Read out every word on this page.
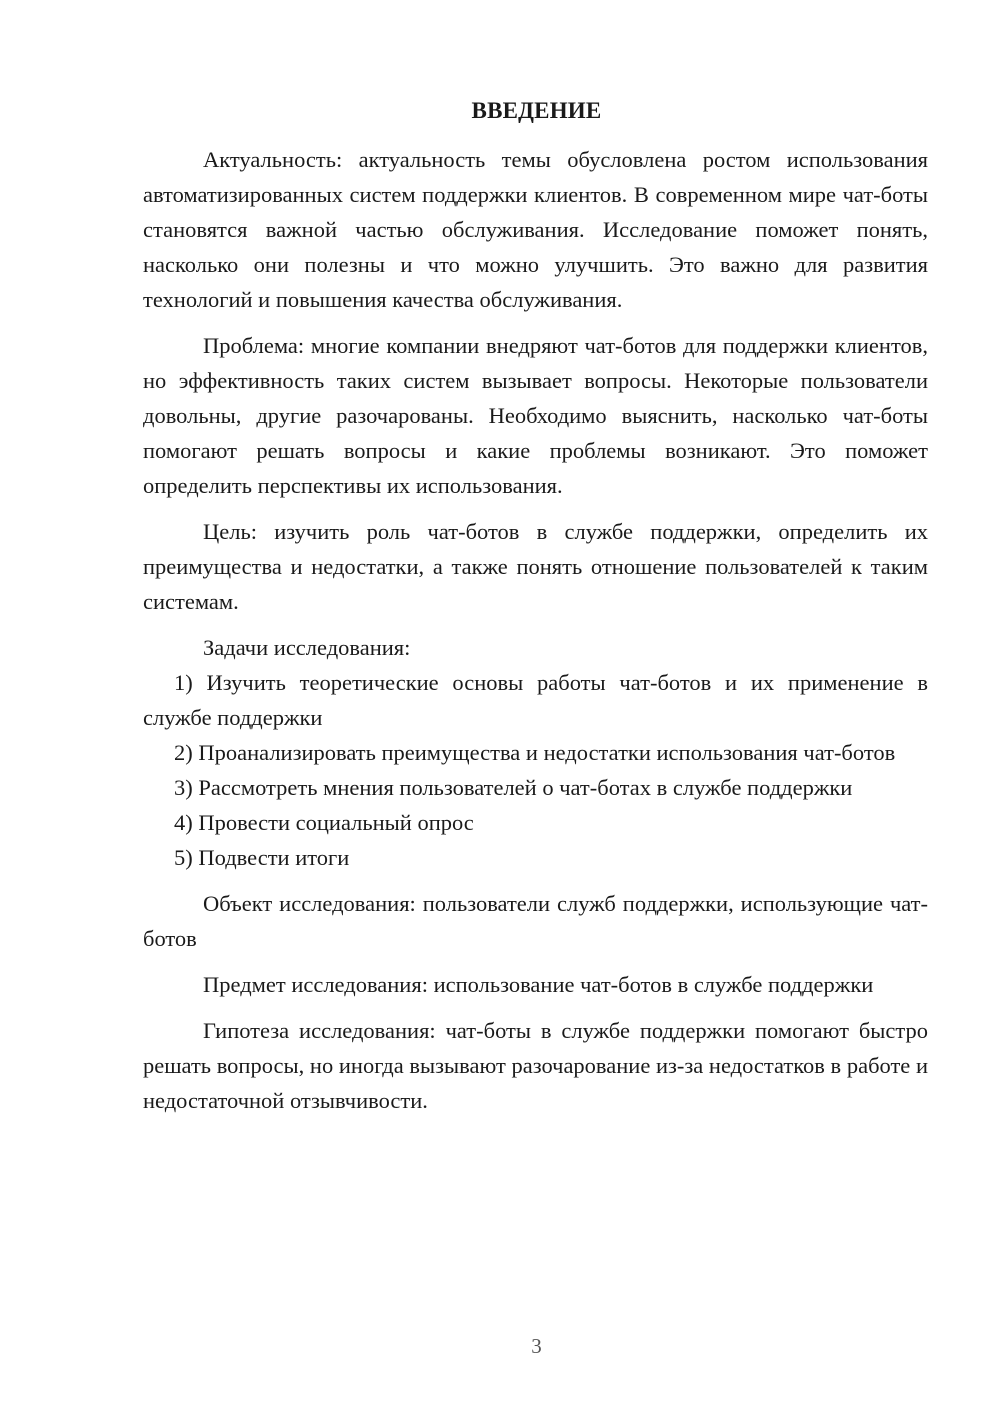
ВВЕДЕНИЕ

Актуальность: актуальность темы обусловлена ростом использования автоматизированных систем поддержки клиентов. В современном мире чат-боты становятся важной частью обслуживания. Исследование поможет понять, насколько они полезны и что можно улучшить. Это важно для развития технологий и повышения качества обслуживания.

Проблема: многие компании внедряют чат-ботов для поддержки клиентов, но эффективность таких систем вызывает вопросы. Некоторые пользователи довольны, другие разочарованы. Необходимо выяснить, насколько чат-боты помогают решать вопросы и какие проблемы возникают. Это поможет определить перспективы их использования.

Цель: изучить роль чат-ботов в службе поддержки, определить их преимущества и недостатки, а также понять отношение пользователей к таким системам.

Задачи исследования:

1) Изучить теоретические основы работы чат-ботов и их применение в службе поддержки

2) Проанализировать преимущества и недостатки использования чат-ботов

3) Рассмотреть мнения пользователей о чат-ботах в службе поддержки

4) Провести социальный опрос

5) Подвести итоги

Объект исследования: пользователи служб поддержки, использующие чат-ботов

Предмет исследования: использование чат-ботов в службе поддержки

Гипотеза исследования: чат-боты в службе поддержки помогают быстро решать вопросы, но иногда вызывают разочарование из-за недостатков в работе и недостаточной отзывчивости.

3
